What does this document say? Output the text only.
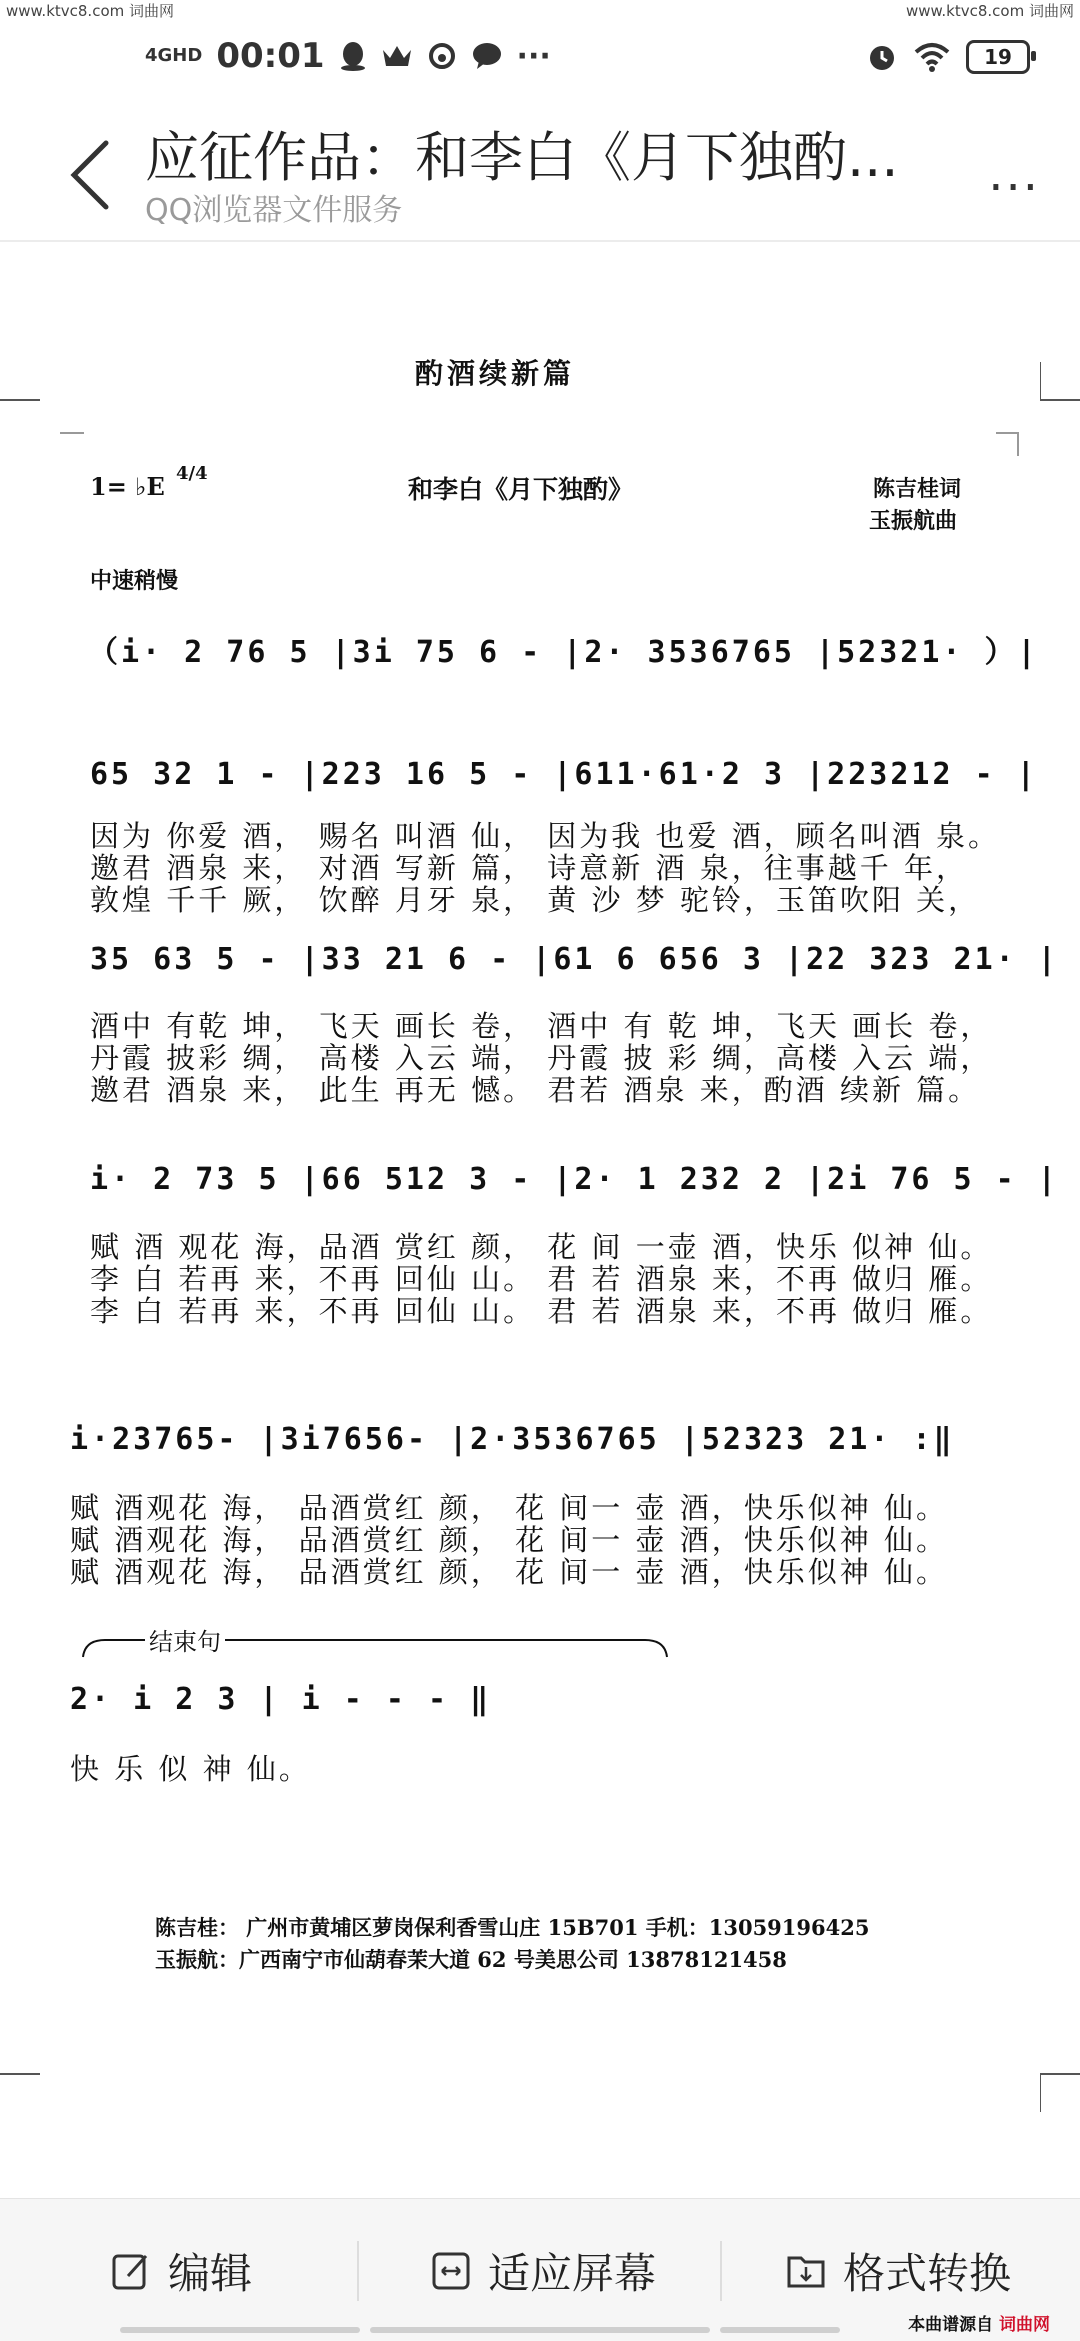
www.ktvc8.com 词曲网	www.ktvc8.com 词曲网
4GHD 00:01	···	19
应征作品：和李白《月下独酌...
QQ浏览器文件服务	···
酌酒续新篇
1= ♭E 4/4
和李白《月下独酌》	陈吉桂词
玉振航曲
中速稍慢
（i· 2 76 5 |3i 75 6 - |2· 3536765 |52321· ）|
65 32 1 - |223 16 5 - |611·61·2 3 |223212 - |
因为 你爱 酒， 赐名 叫酒 仙， 因为我 也爱 酒，顾名叫酒 泉。
邀君 酒泉 来， 对酒 写新 篇， 诗意新 酒 泉，往事越千 年，
敦煌 千千 厥， 饮醉 月牙 泉， 黄 沙 梦 驼铃，玉笛吹阳 关，
35 63 5 - |33 21 6 - |61 6 656 3 |22 323 21· |
酒中 有乾 坤， 飞天 画长 卷， 酒中 有 乾 坤，飞天 画长 卷，
丹霞 披彩 绸， 高楼 入云 端， 丹霞 披 彩 绸，高楼 入云 端，
邀君 酒泉 来， 此生 再无 憾。 君若 酒泉 来，酌酒 续新 篇。
i· 2 73 5 |66 512 3 - |2· 1 232 2 |2i 76 5 - |
赋 酒 观花 海，品酒 赏红 颜， 花 间 一壶 酒，快乐 似神 仙。
李 白 若再 来，不再 回仙 山。 君 若 酒泉 来，不再 做归 雁。
李 白 若再 来，不再 回仙 山。 君 若 酒泉 来，不再 做归 雁。
i·23765- |3i7656- |2·3536765 |52323 21· :‖
赋 酒观花 海， 品酒赏红 颜， 花 间一 壶 酒，快乐似神 仙。
赋 酒观花 海， 品酒赏红 颜， 花 间一 壶 酒，快乐似神 仙。
赋 酒观花 海， 品酒赏红 颜， 花 间一 壶 酒，快乐似神 仙。
结束句
2· i 2 3 | i - - - ‖
快 乐 似 神 仙。
陈吉桂： 广州市黄埔区萝岗保利香雪山庄 15B701 手机：13059196425
玉振航：广西南宁市仙葫春茉大道 62 号美思公司 13878121458
编辑	适应屏幕	格式转换
本曲谱源自 词曲网
